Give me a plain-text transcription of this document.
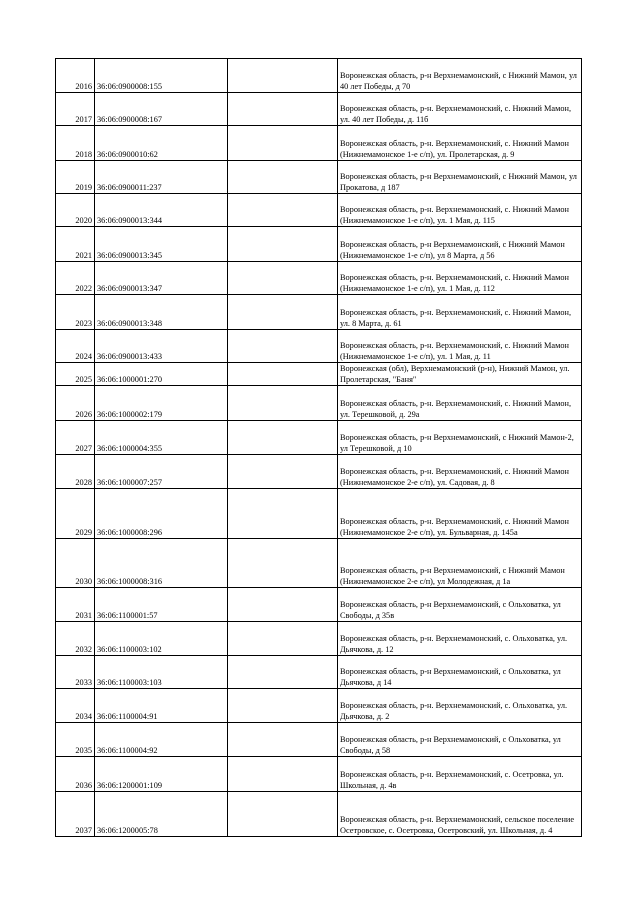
2016	36:06:0900008:155		Воронежская область, р-н Верхнемамонский, с Нижний Мамон, ул 40 лет Победы, д 70
2017	36:06:0900008:167		Воронежская область, р-н. Верхнемамонский, с. Нижний Мамон, ул. 40 лет Победы, д. 11б
2018	36:06:0900010:62		Воронежская область, р-н. Верхнемамонский, с. Нижний Мамон (Нижнемамонское 1-е с/п), ул. Пролетарская, д. 9
2019	36:06:0900011:237		Воронежская область, р-н Верхнемамонский, с Нижний Мамон, ул Прокатова, д 187
2020	36:06:0900013:344		Воронежская область, р-н. Верхнемамонский, с. Нижний Мамон (Нижнемамонское 1-е с/п), ул. 1 Мая, д. 115
2021	36:06:0900013:345		Воронежская область, р-н Верхнемамонский, с Нижний Мамон (Нижнемамонское 1-е с/п), ул 8 Марта, д 56
2022	36:06:0900013:347		Воронежская область, р-н. Верхнемамонский, с. Нижний Мамон (Нижнемамонское 1-е с/п), ул. 1 Мая, д. 112
2023	36:06:0900013:348		Воронежская область, р-н. Верхнемамонский, с. Нижний Мамон, ул. 8 Марта, д. 61
2024	36:06:0900013:433		Воронежская область, р-н. Верхнемамонский, с. Нижний Мамон (Нижнемамонское 1-е с/п), ул. 1 Мая, д. 11
2025	36:06:1000001:270		Воронежская (обл), Верхнемамонский (р-н), Нижний Мамон, ул. Пролетарская, "Баня"
2026	36:06:1000002:179		Воронежская область, р-н. Верхнемамонский, с. Нижний Мамон, ул. Терешковой, д. 29а
2027	36:06:1000004:355		Воронежская область, р-н Верхнемамонский, с Нижний Мамон-2, ул Терешковой, д 10
2028	36:06:1000007:257		Воронежская область, р-н. Верхнемамонский, с. Нижний Мамон (Нижнемамонское 2-е с/п), ул. Садовая, д. 8
2029	36:06:1000008:296		Воронежская область, р-н. Верхнемамонский, с. Нижний Мамон (Нижнемамонское 2-е с/п), ул. Бульварная, д. 145а
2030	36:06:1000008:316		Воронежская область, р-н Верхнемамонский, с Нижний Мамон (Нижнемамонское 2-е с/п), ул Молодежная, д 1а
2031	36:06:1100001:57		Воронежская область, р-н Верхнемамонский, с Ольховатка, ул Свободы, д 35в
2032	36:06:1100003:102		Воронежская область, р-н. Верхнемамонский, с. Ольховатка, ул. Дьячкова, д. 12
2033	36:06:1100003:103		Воронежская область, р-н Верхнемамонский, с Ольховатка, ул Дьячкова, д 14
2034	36:06:1100004:91		Воронежская область, р-н. Верхнемамонский, с. Ольховатка, ул. Дьячкова, д. 2
2035	36:06:1100004:92		Воронежская область, р-н Верхнемамонский, с Ольховатка, ул Свободы, д 58
2036	36:06:1200001:109		Воронежская область, р-н. Верхнемамонский, с. Осетровка, ул. Школьная, д. 4в
2037	36:06:1200005:78		Воронежская область, р-н. Верхнемамонский, сельское поселение Осетровское, с. Осетровка, Осетровский, ул. Школьная, д. 4
